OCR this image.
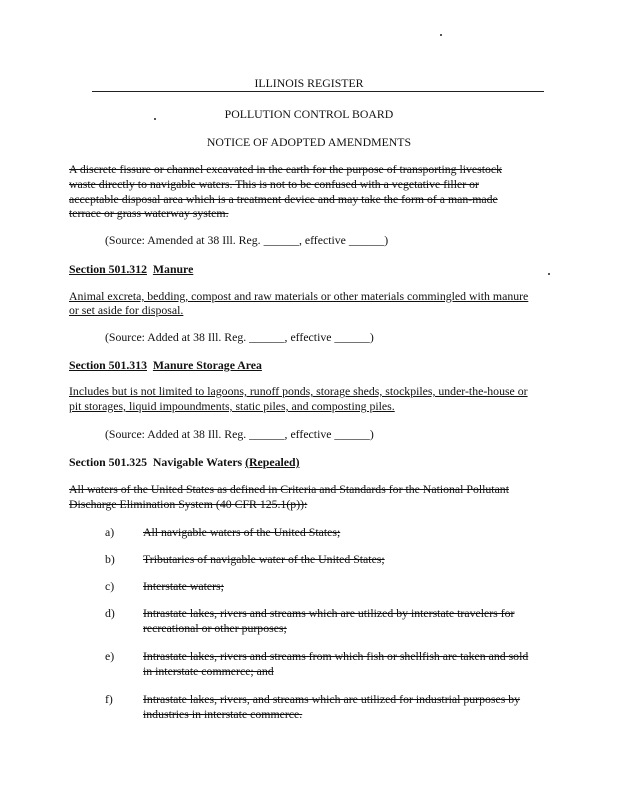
ILLINOIS REGISTER
POLLUTION CONTROL BOARD
NOTICE OF ADOPTED AMENDMENTS
A discrete fissure or channel excavated in the earth for the purpose of transporting livestock
waste directly to navigable waters. This is not to be confused with a vegetative filler or
acceptable disposal area which is a treatment device and may take the form of a man-made
terrace or grass waterway system.
(Source: Amended at 38 Ill. Reg. ______, effective ______)
Section 501.312 Manure
Animal excreta, bedding, compost and raw materials or other materials commingled with manure
or set aside for disposal.
(Source: Added at 38 Ill. Reg. ______, effective ______)
Section 501.313 Manure Storage Area
Includes but is not limited to lagoons, runoff ponds, storage sheds, stockpiles, under-the-house or
pit storages, liquid impoundments, static piles, and composting piles.
(Source: Added at 38 Ill. Reg. ______, effective ______)
Section 501.325 Navigable Waters (Repealed)
All waters of the United States as defined in Criteria and Standards for the National Pollutant
Discharge Elimination System (40 CFR 125.1(p)):
a) All navigable waters of the United States;
b) Tributaries of navigable water of the United States;
c) Interstate waters;
d) Intrastate lakes, rivers and streams which are utilized by interstate travelers for
recreational or other purposes;
e) Intrastate lakes, rivers and streams from which fish or shellfish are taken and sold
in interstate commerce; and
f)	Intrastate lakes, rivers, and streams which are utilized for industrial purposes by
industries in interstate commerce.
